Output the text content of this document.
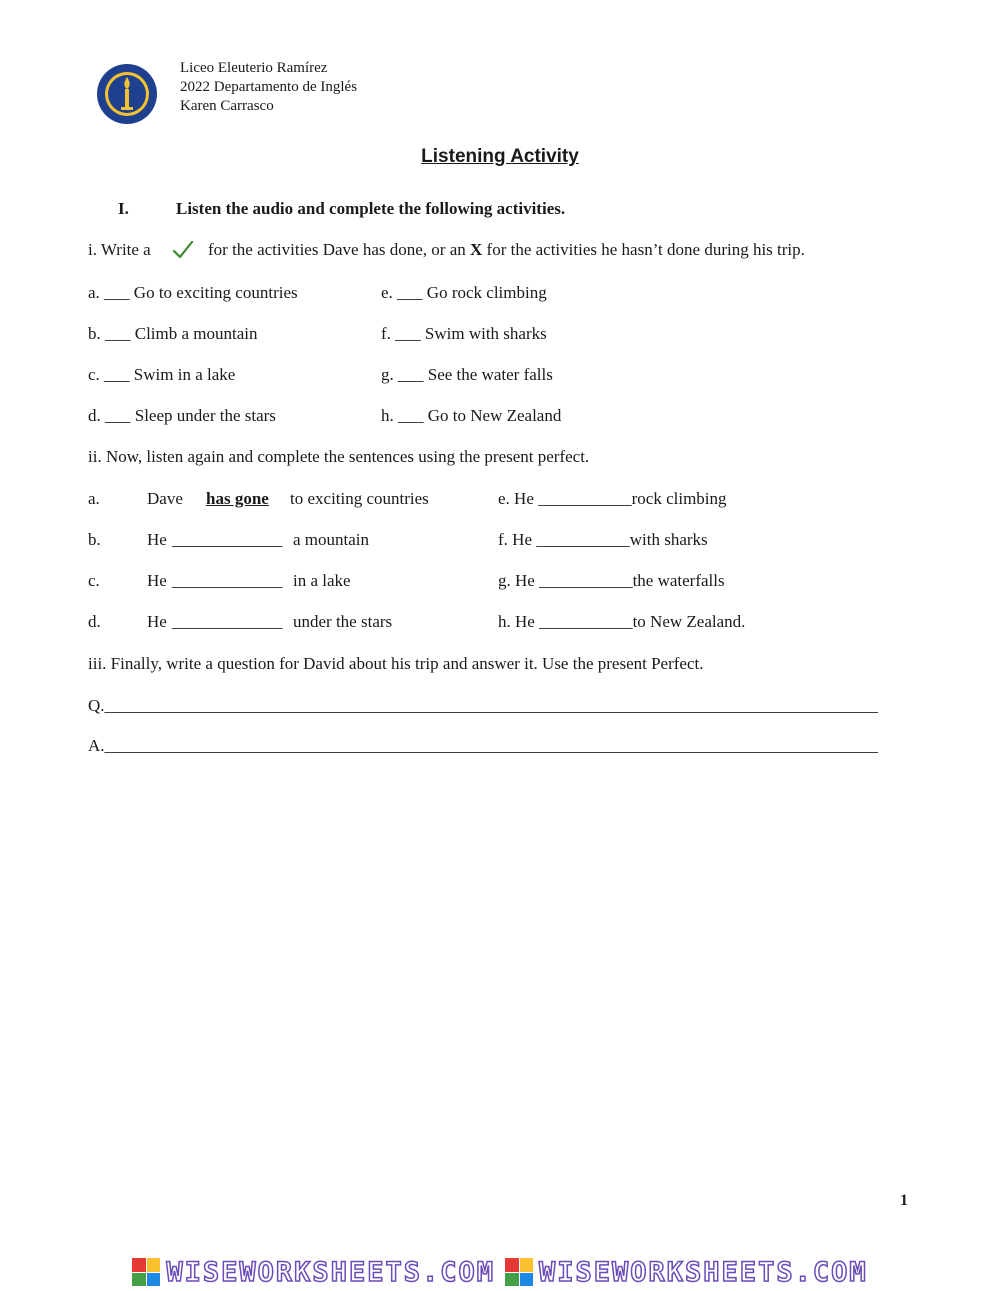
Liceo Eleuterio Ramírez
2022 Departamento de Inglés
Karen Carrasco
Listening Activity
I.	Listen the audio and complete the following activities.
i. Write a	for the activities Dave has done, or an X for the activities he hasn’t done during his trip.
a. ___ Go to exciting countries
b. ___ Climb a mountain
c. ___ Swim in a lake
d. ___ Sleep under the stars
e. ___ Go rock climbing
f. ___ Swim with sharks
g. ___ See the water falls
h. ___ Go to New Zealand
ii. Now, listen again and complete the sentences using the present perfect.
a.	Dave has gone to exciting countries	e. He ___________rock climbing
b.	He _____________ a mountain	f. He ___________with sharks
c.	He _____________ in a lake	g. He ___________the waterfalls
d.	He _____________ under the stars	h. He ___________to New Zealand.
iii. Finally, write a question for David about his trip and answer it. Use the present Perfect.
Q.___________________________________________________________________________________________
A.___________________________________________________________________________________________
1
WISEWORKSHEETS.COM WISEWORKSHEETS.COM
